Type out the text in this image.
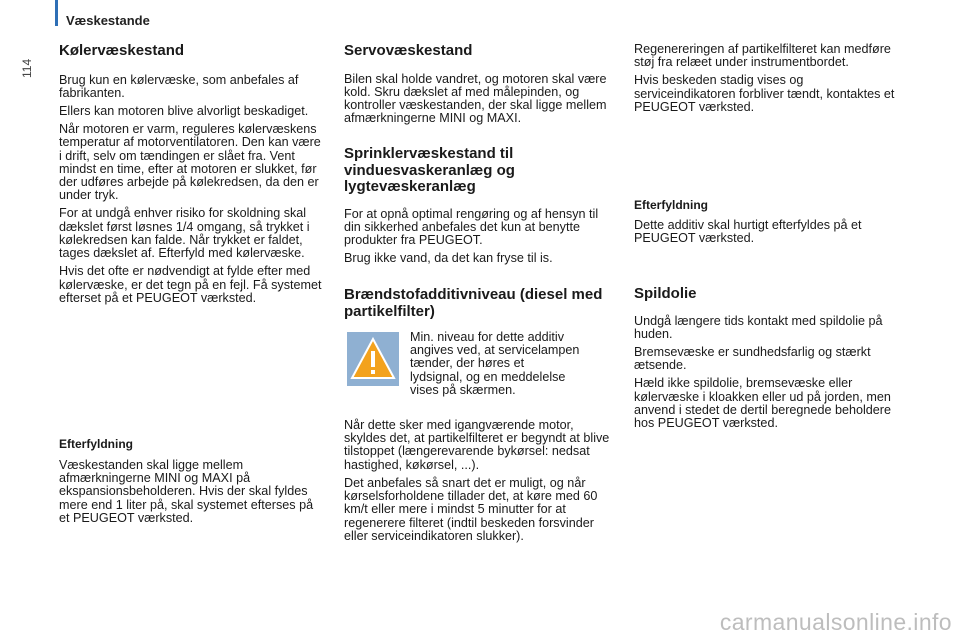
Væskestande
114
Kølervæskestand

Brug kun en kølervæske, som anbefales af fabrikanten.

Ellers kan motoren blive alvorligt beskadiget.

Når motoren er varm, reguleres kølervæskens temperatur af motorventilatoren. Den kan være i drift, selv om tændingen er slået fra. Vent mindst en time, efter at motoren er slukket, før der udføres arbejde på kølekredsen, da den er under tryk.

For at undgå enhver risiko for skoldning skal dækslet først løsnes 1/4 omgang, så trykket i kølekredsen kan falde. Når trykket er faldet, tages dækslet af. Efterfyld med kølervæske.

Hvis det ofte er nødvendigt at fylde efter med kølervæske, er det tegn på en fejl. Få systemet efterset på et PEUGEOT værksted.

Efterfyldning

Væskestanden skal ligge mellem afmærkningerne MINI og MAXI på ekspansionsbeholderen. Hvis der skal fyldes mere end 1 liter på, skal systemet efterses på et PEUGEOT værksted.

Servovæskestand

Bilen skal holde vandret, og motoren skal være kold. Skru dækslet af med målepinden, og kontroller væskestanden, der skal ligge mellem afmærkningerne MINI og MAXI.

Sprinklervæskestand til vinduesvaskeranlæg og lygtevæskeranlæg

For at opnå optimal rengøring og af hensyn til din sikkerhed anbefales det kun at benytte produkter fra PEUGEOT.

Brug ikke vand, da det kan fryse til is.

Brændstofadditivniveau (diesel med partikelfilter)

Min. niveau for dette additiv angives ved, at servicelampen tænder, der høres et lydsignal, og en meddelelse vises på skærmen.

Når dette sker med igangværende motor, skyldes det, at partikelfilteret er begyndt at blive tilstoppet (længerevarende bykørsel: nedsat hastighed, køkørsel, ...).

Det anbefales så snart det er muligt, og når kørselsforholdene tillader det, at køre med 60 km/t eller mere i mindst 5 minutter for at regenerere filteret (indtil beskeden forsvinder eller serviceindikatoren slukker).

Regenereringen af partikelfilteret kan medføre støj fra relæet under instrumentbordet.

Hvis beskeden stadig vises og serviceindikatoren forbliver tændt, kontaktes et PEUGEOT værksted.

Efterfyldning

Dette additiv skal hurtigt efterfyldes på et PEUGEOT værksted.

Spildolie

Undgå længere tids kontakt med spildolie på huden.

Bremsevæske er sundhedsfarlig og stærkt ætsende.

Hæld ikke spildolie, bremsevæske eller kølervæske i kloakken eller ud på jorden, men anvend i stedet de dertil beregnede beholdere hos PEUGEOT værksted.

carmanualsonline.info
